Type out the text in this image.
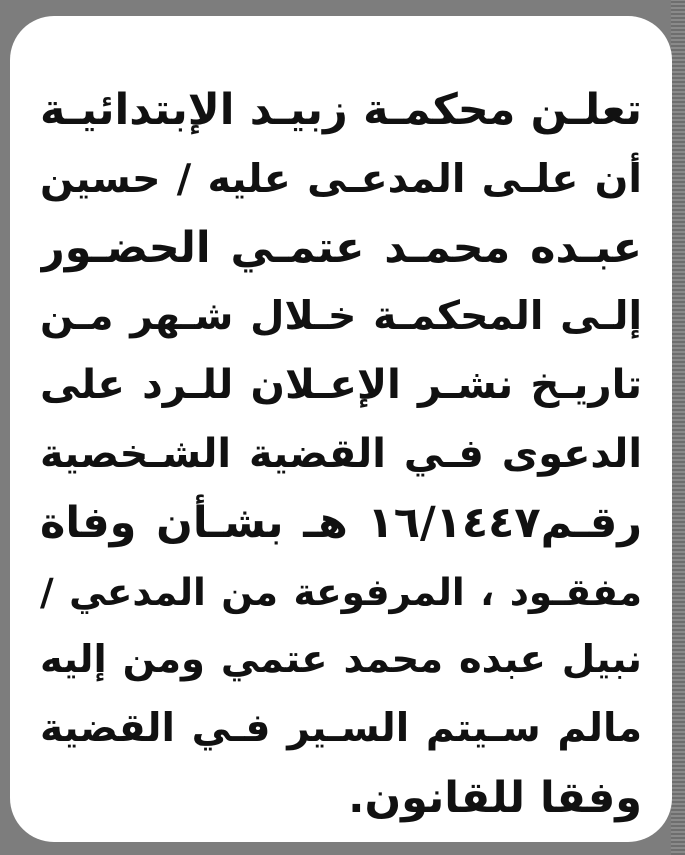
تعلـن محكمـة زبيـد الإبتدائيـة
أن علـى المدعـى عليه / حسين
عبـده محمـد عتمـي الحضـور
إلـى المحكمـة خـلال شـهر مـن
تاريـخ نشـر الإعـلان للـرد على
الدعوى فـي القضية الشـخصية
رقـم١٦/١٤٤٧ هـ بشـأن وفاة
مفقـود ، المرفوعة من المدعي /
نبيل عبده محمد عتمي ومن إليه
مالم سـيتم السـير فـي القضية
وفقا للقانون.
